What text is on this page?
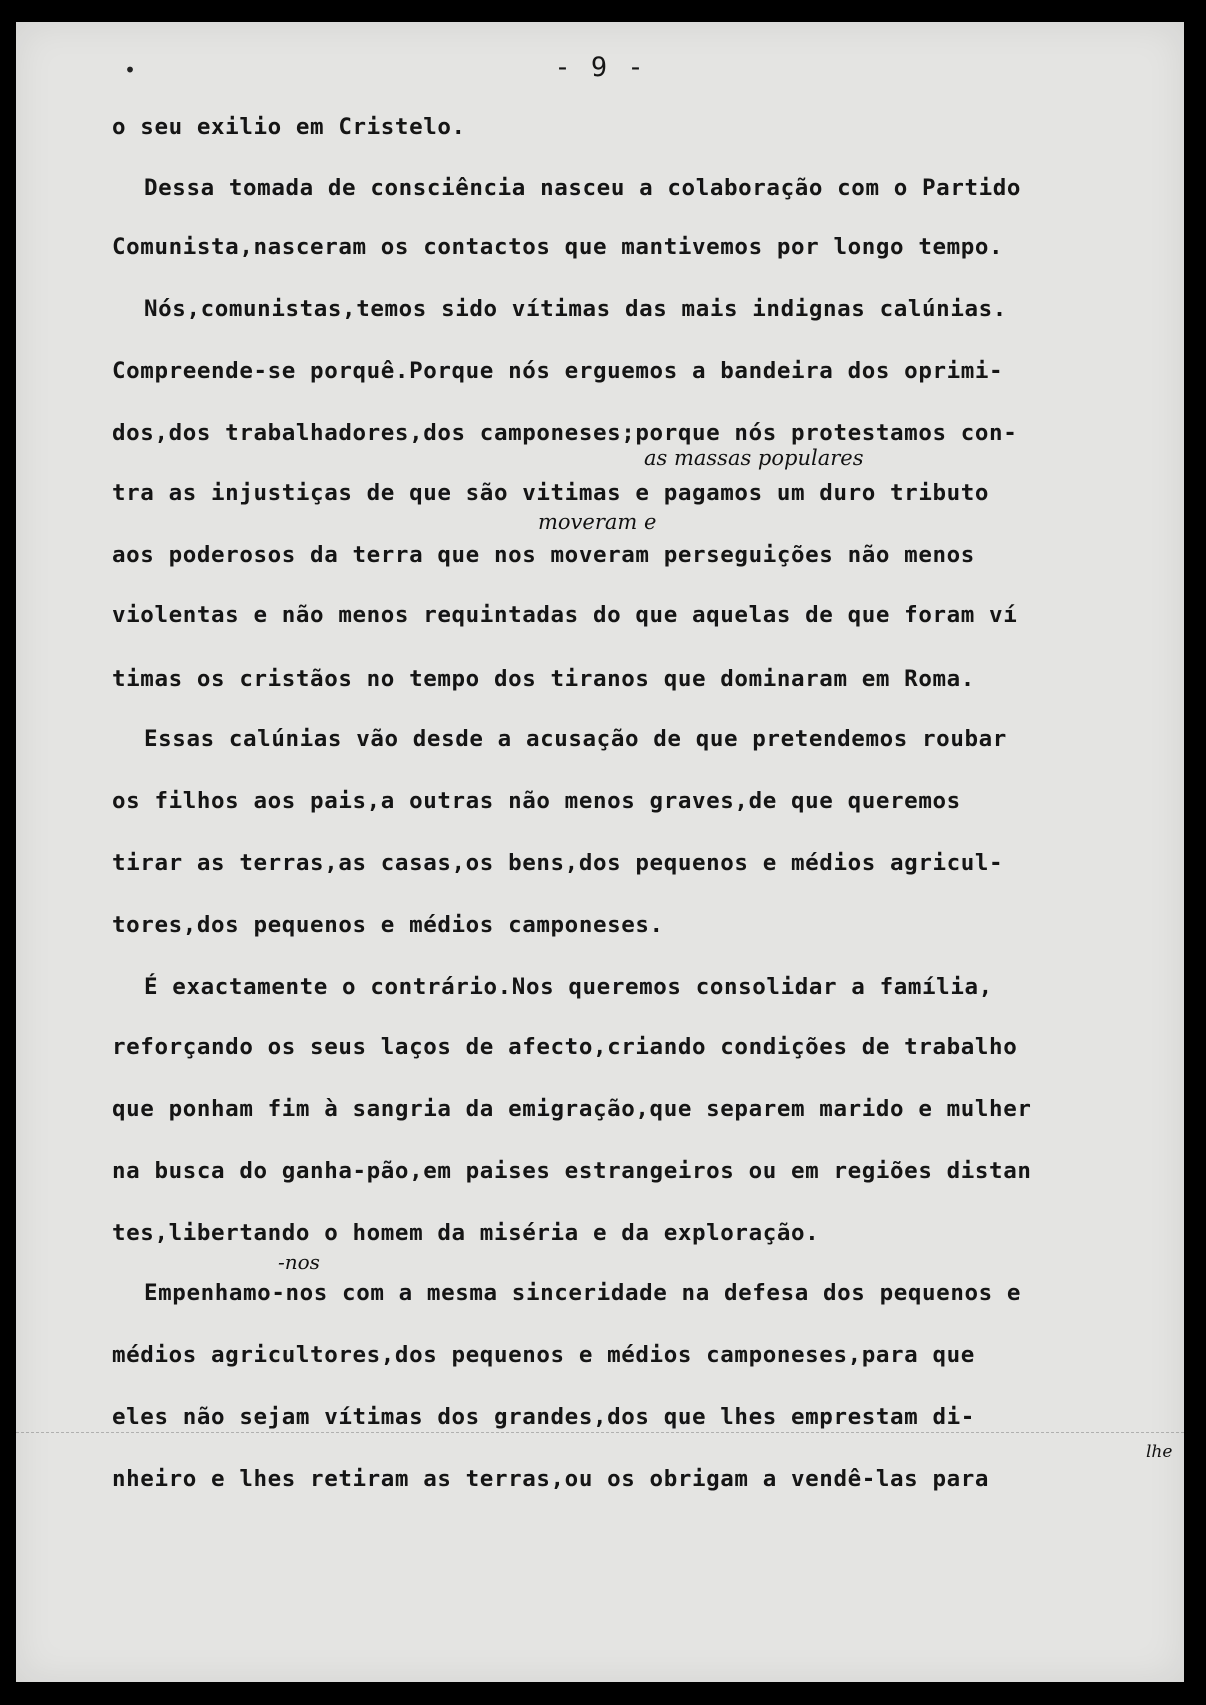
•	- 9 -
o seu exilio em Cristelo.
Dessa tomada de consciência nasceu a colaboração com o Partido
Comunista,nasceram os contactos que mantivemos por longo tempo.
Nós,comunistas,temos sido vítimas das mais indignas calúnias.
Compreende-se porquê.Porque nós erguemos a bandeira dos oprimi-
dos,dos trabalhadores,dos camponeses;porque nós protestamos con-
as massas populares
tra as injustiças de que são vitimas e pagamos um duro tributo
moveram e
aos poderosos da terra que nos moveram perseguições não menos
violentas e não menos requintadas do que aquelas de que foram ví
timas os cristãos no tempo dos tiranos que dominaram em Roma.
Essas calúnias vão desde a acusação de que pretendemos roubar
os filhos aos pais,a outras não menos graves,de que queremos
tirar as terras,as casas,os bens,dos pequenos e médios agricul-
tores,dos pequenos e médios camponeses.
É exactamente o contrário.Nos queremos consolidar a família,
reforçando os seus laços de afecto,criando condições de trabalho
que ponham fim à sangria da emigração,que separem marido e mulher
na busca do ganha-pão,em paises estrangeiros ou em regiões distan
tes,libertando o homem da miséria e da exploração.
-nos
Empenhamo-nos com a mesma sinceridade na defesa dos pequenos e
médios agricultores,dos pequenos e médios camponeses,para que
eles não sejam vítimas dos grandes,dos que lhes emprestam di-
lhe
nheiro e lhes retiram as terras,ou os obrigam a vendê-las para
